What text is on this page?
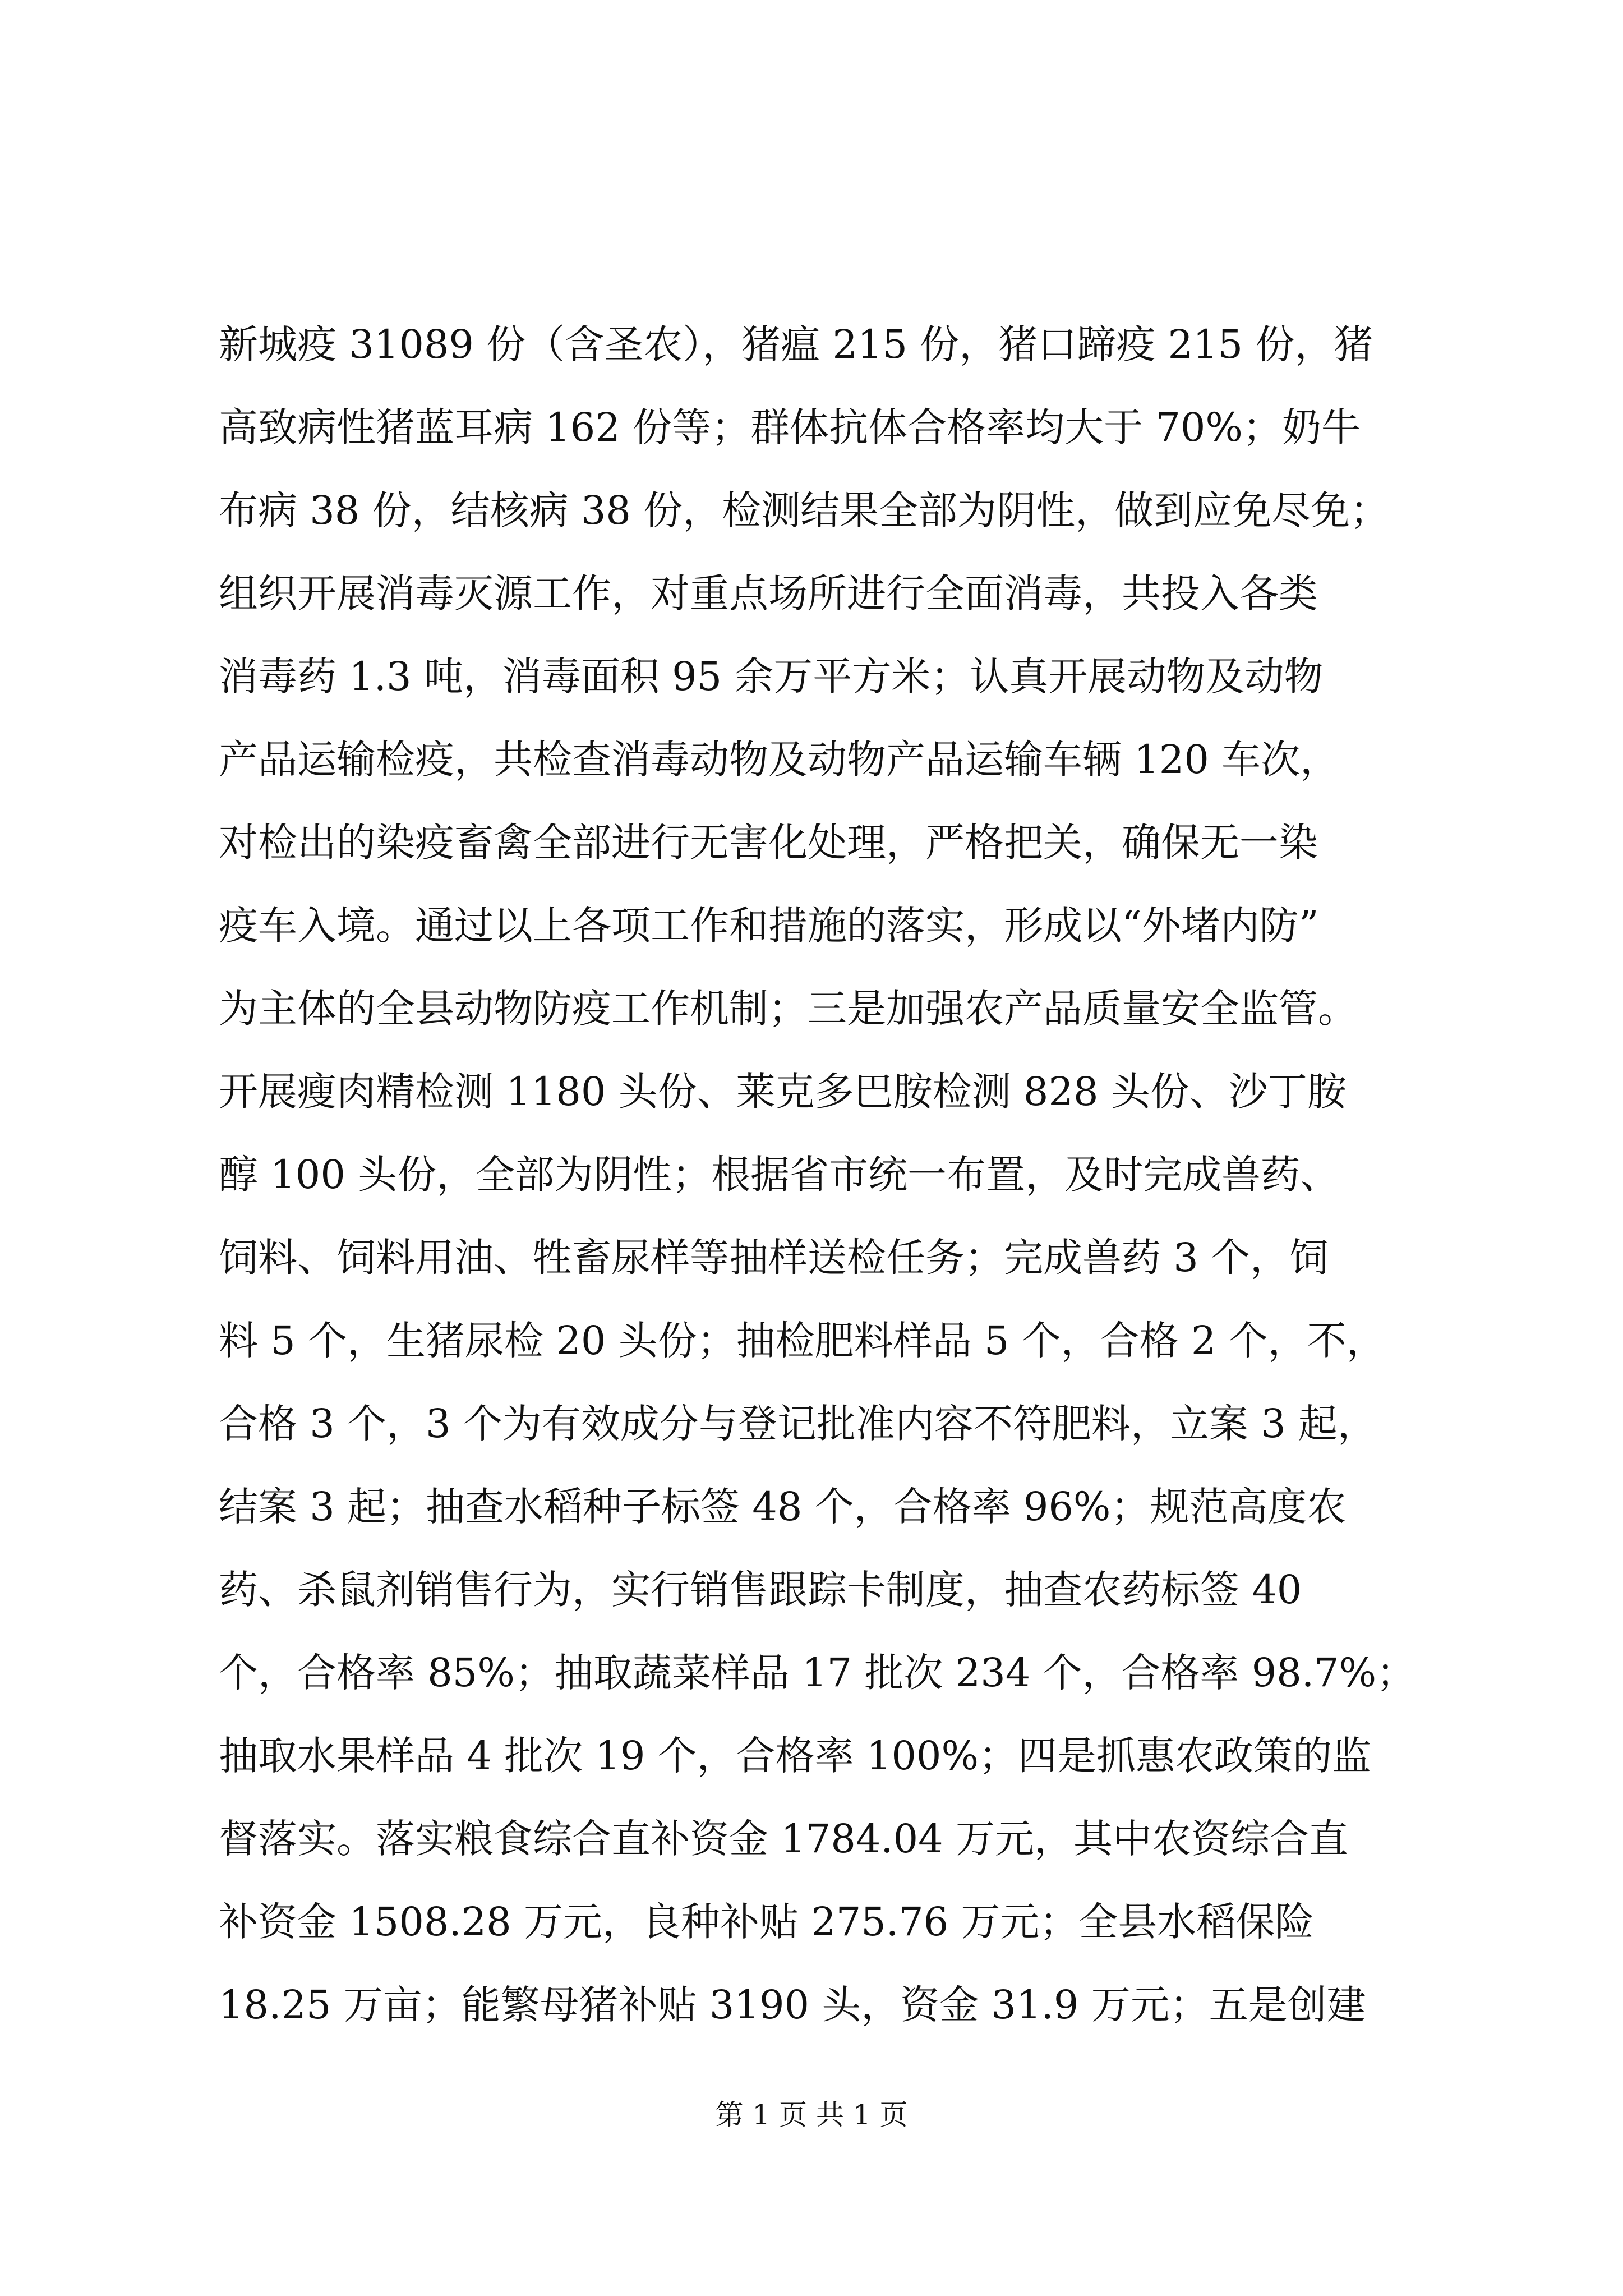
新城疫 31089 份（含圣农），猪瘟 215 份，猪口蹄疫 215 份，猪
高致病性猪蓝耳病 162 份等；群体抗体合格率均大于 70%；奶牛
布病 38 份，结核病 38 份，检测结果全部为阴性，做到应免尽免；
组织开展消毒灭源工作，对重点场所进行全面消毒，共投入各类
消毒药 1.3 吨，消毒面积 95 余万平方米；认真开展动物及动物
产品运输检疫，共检查消毒动物及动物产品运输车辆 120 车次，
对检出的染疫畜禽全部进行无害化处理，严格把关，确保无一染
疫车入境。通过以上各项工作和措施的落实，形成以“外堵内防”
为主体的全县动物防疫工作机制；三是加强农产品质量安全监管。
开展瘦肉精检测 1180 头份、莱克多巴胺检测 828 头份、沙丁胺
醇 100 头份，全部为阴性；根据省市统一布置，及时完成兽药、
饲料、饲料用油、牲畜尿样等抽样送检任务；完成兽药 3 个，饲
料 5 个，生猪尿检 20 头份；抽检肥料样品 5 个，合格 2 个，不，
合格 3 个，3 个为有效成分与登记批准内容不符肥料，立案 3 起，
结案 3 起；抽查水稻种子标签 48 个，合格率 96%；规范高度农
药、杀鼠剂销售行为，实行销售跟踪卡制度，抽查农药标签 40
个，合格率 85%；抽取蔬菜样品 17 批次 234 个，合格率 98.7%；
抽取水果样品 4 批次 19 个，合格率 100%；四是抓惠农政策的监
督落实。落实粮食综合直补资金 1784.04 万元，其中农资综合直
补资金 1508.28 万元，良种补贴 275.76 万元；全县水稻保险
18.25 万亩；能繁母猪补贴 3190 头，资金 31.9 万元；五是创建
第 1 页 共 1 页
